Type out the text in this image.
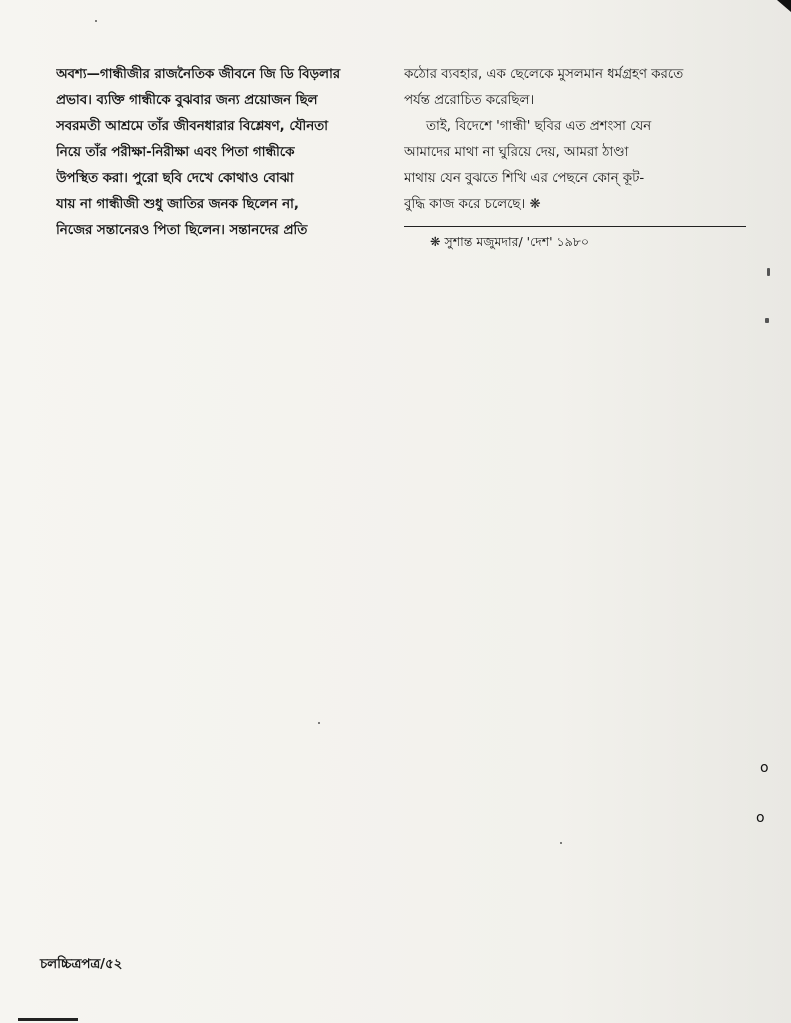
অবশ্য—গান্ধীজীর রাজনৈতিক জীবনে জি ডি বিড়লার
প্রভাব। ব্যক্তি গান্ধীকে বুঝবার জন্য প্রয়োজন ছিল
সবরমতী আশ্রমে তাঁর জীবনধারার বিশ্লেষণ, যৌনতা
নিয়ে তাঁর পরীক্ষা-নিরীক্ষা এবং পিতা গান্ধীকে
উপস্থিত করা। পুরো ছবি দেখে কোথাও বোঝা
যায় না গান্ধীজী শুধু জাতির জনক ছিলেন না,
নিজের সন্তানেরও পিতা ছিলেন। সন্তানদের প্রতি
কঠোর ব্যবহার, এক ছেলেকে মুসলমান ধর্মগ্রহণ করতে
পর্যন্ত প্ররোচিত করেছিল।
তাই, বিদেশে 'গান্ধী' ছবির এত প্রশংসা যেন
আমাদের মাথা না ঘুরিয়ে দেয়, আমরা ঠাণ্ডা
মাথায় যেন বুঝতে শিখি এর পেছনে কোন্ কূট-
বুদ্ধি কাজ করে চলেছে। ❋
❋ সুশান্ত মজুমদার/ 'দেশ' ১৯৮০
o
o
চলচ্চিত্রপত্র/৫২
